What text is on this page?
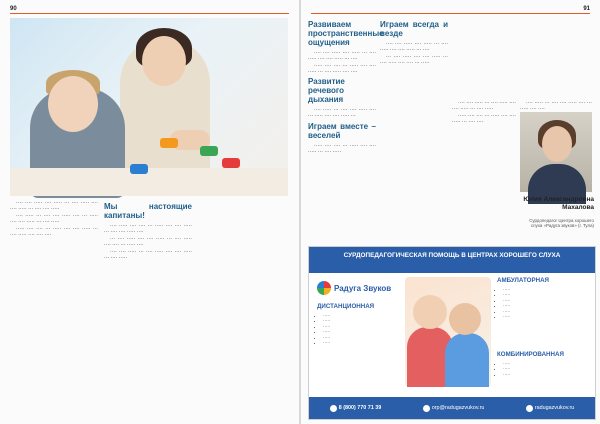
90

···· ···· ····· ···· ····· ··· ···· ····· ···· ···· ····· ··· ···· ···· ·····

···· ····· ··· ···· ···· ····· ···· ··· ····· ···· ···· ····· ··· ···· ·····

····· ···· ···· ··· ····· ···· ···· ····· ··· ···· ····· ···· ···· ····

Мы настоящие капитаны!

···· ····· ···· ···· ··· ····· ···· ···· ····· ··· ···· ···· ····· ····

··· ···· ····· ···· ···· ····· ··· ···· ····· ···· ···· ··· ····· ····

···· ···· ····· ··· ···· ····· ···· ···· ····· ··· ···· ·····

91
Развиваем пространственные ощущения

···· ···· ····· ···· ····· ··· ···· ····· ···· ···· ····· ··· ····

····· ···· ···· ··· ····· ···· ···· ····· ··· ···· ····· ···· ····

Развитие речевого дыхания

···· ····· ··· ···· ···· ····· ···· ··· ····· ···· ···· ····· ···

Играем вместе – веселей

····· ···· ···· ··· ····· ···· ···· ····· ··· ···· ·····

Играем всегда и везде

···· ···· ····· ···· ····· ··· ···· ····· ···· ···· ····· ··· ····

··· ···· ····· ···· ···· ····· ··· ···· ····· ···· ···· ··· ·····

···· ···· ····· ··· ···· ····· ···· ···· ····· ··· ···· ·····

····· ···· ···· ··· ····· ···· ···· ····· ··· ···· ····

···· ····· ··· ···· ···· ····· ···· ··· ····· ···· ····

Юлия Александровна Махалова
Сурдопедагог Центра хорошего слуха «Радуга звуков» (г. Тула)
СУРДОПЕДАГОГИЧЕСКАЯ ПОМОЩЬ В ЦЕНТРАХ ХОРОШЕГО СЛУХА
Радуга Звуков
ДИСТАНЦИОННАЯ
• ·····
• ·····
• ·····
• ·····
• ·····
• ·····
АМБУЛАТОРНАЯ
• ·····
• ·····
• ·····
• ·····
• ·····
• ·····
КОМБИНИРОВАННАЯ
• ·····
• ·····
• ·····
8 (800) 770 71 39	orp@radugazvukov.ru	radugazvukov.ru
